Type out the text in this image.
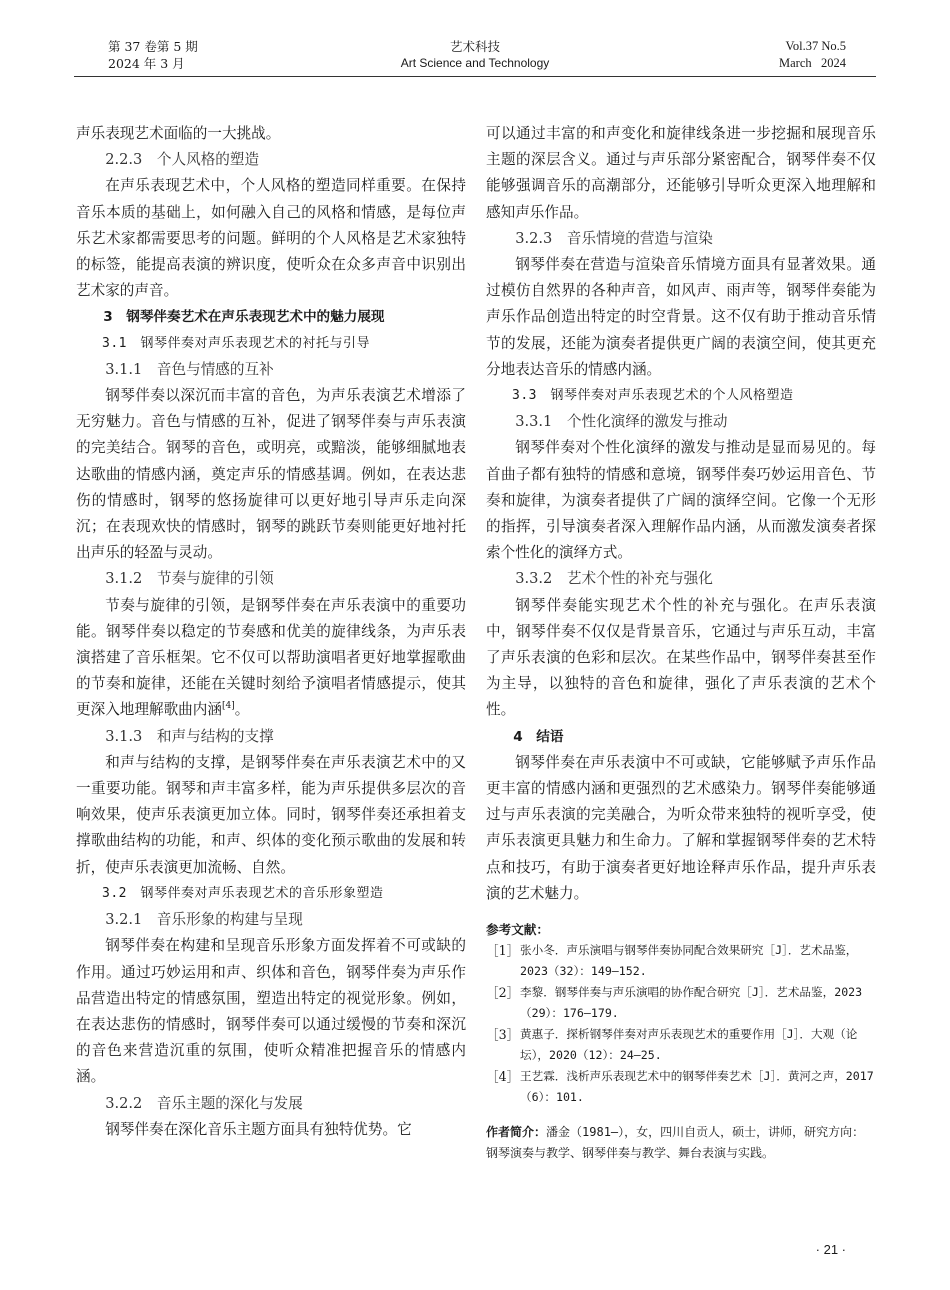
第 37 卷第 5 期
2024 年 3 月
艺术科技
Art Science and Technology
Vol.37 No.5
March   2024

声乐表现艺术面临的一大挑战。

2.2.3　个人风格的塑造

在声乐表现艺术中，个人风格的塑造同样重要。在保持音乐本质的基础上，如何融入自己的风格和情感，是每位声乐艺术家都需要思考的问题。鲜明的个人风格是艺术家独特的标签，能提高表演的辨识度，使听众在众多声音中识别出艺术家的声音。

3　钢琴伴奏艺术在声乐表现艺术中的魅力展现

3.1　钢琴伴奏对声乐表现艺术的衬托与引导

3.1.1　音色与情感的互补

钢琴伴奏以深沉而丰富的音色，为声乐表演艺术增添了无穷魅力。音色与情感的互补，促进了钢琴伴奏与声乐表演的完美结合。钢琴的音色，或明亮，或黯淡，能够细腻地表达歌曲的情感内涵，奠定声乐的情感基调。例如，在表达悲伤的情感时，钢琴的悠扬旋律可以更好地引导声乐走向深沉；在表现欢快的情感时，钢琴的跳跃节奏则能更好地衬托出声乐的轻盈与灵动。

3.1.2　节奏与旋律的引领

节奏与旋律的引领，是钢琴伴奏在声乐表演中的重要功能。钢琴伴奏以稳定的节奏感和优美的旋律线条，为声乐表演搭建了音乐框架。它不仅可以帮助演唱者更好地掌握歌曲的节奏和旋律，还能在关键时刻给予演唱者情感提示，使其更深入地理解歌曲内涵[4]。

3.1.3　和声与结构的支撑

和声与结构的支撑，是钢琴伴奏在声乐表演艺术中的又一重要功能。钢琴和声丰富多样，能为声乐提供多层次的音响效果，使声乐表演更加立体。同时，钢琴伴奏还承担着支撑歌曲结构的功能，和声、织体的变化预示歌曲的发展和转折，使声乐表演更加流畅、自然。

3.2　钢琴伴奏对声乐表现艺术的音乐形象塑造

3.2.1　音乐形象的构建与呈现

钢琴伴奏在构建和呈现音乐形象方面发挥着不可或缺的作用。通过巧妙运用和声、织体和音色，钢琴伴奏为声乐作品营造出特定的情感氛围，塑造出特定的视觉形象。例如，在表达悲伤的情感时，钢琴伴奏可以通过缓慢的节奏和深沉的音色来营造沉重的氛围，使听众精准把握音乐的情感内涵。

3.2.2　音乐主题的深化与发展

钢琴伴奏在深化音乐主题方面具有独特优势。它

可以通过丰富的和声变化和旋律线条进一步挖掘和展现音乐主题的深层含义。通过与声乐部分紧密配合，钢琴伴奏不仅能够强调音乐的高潮部分，还能够引导听众更深入地理解和感知声乐作品。

3.2.3　音乐情境的营造与渲染

钢琴伴奏在营造与渲染音乐情境方面具有显著效果。通过模仿自然界的各种声音，如风声、雨声等，钢琴伴奏能为声乐作品创造出特定的时空背景。这不仅有助于推动音乐情节的发展，还能为演奏者提供更广阔的表演空间，使其更充分地表达音乐的情感内涵。

3.3　钢琴伴奏对声乐表现艺术的个人风格塑造

3.3.1　个性化演绎的激发与推动

钢琴伴奏对个性化演绎的激发与推动是显而易见的。每首曲子都有独特的情感和意境，钢琴伴奏巧妙运用音色、节奏和旋律，为演奏者提供了广阔的演绎空间。它像一个无形的指挥，引导演奏者深入理解作品内涵，从而激发演奏者探索个性化的演绎方式。

3.3.2　艺术个性的补充与强化

钢琴伴奏能实现艺术个性的补充与强化。在声乐表演中，钢琴伴奏不仅仅是背景音乐，它通过与声乐互动，丰富了声乐表演的色彩和层次。在某些作品中，钢琴伴奏甚至作为主导，以独特的音色和旋律，强化了声乐表演的艺术个性。

4　结语

钢琴伴奏在声乐表演中不可或缺，它能够赋予声乐作品更丰富的情感内涵和更强烈的艺术感染力。钢琴伴奏能够通过与声乐表演的完美融合，为听众带来独特的视听享受，使声乐表演更具魅力和生命力。了解和掌握钢琴伴奏的艺术特点和技巧，有助于演奏者更好地诠释声乐作品，提升声乐表演的艺术魅力。

参考文献：
［1］ 张小冬．声乐演唱与钢琴伴奏协同配合效果研究［J］．艺术品鉴，2023（32）：149–152.
［2］ 李黎．钢琴伴奏与声乐演唱的协作配合研究［J］．艺术品鉴，2023（29）：176–179.
［3］ 黄惠子．探析钢琴伴奏对声乐表现艺术的重要作用［J］．大观（论坛），2020（12）：24–25.
［4］ 王艺霖．浅析声乐表现艺术中的钢琴伴奏艺术［J］．黄河之声，2017（6）：101.
作者简介：潘金（1981—），女，四川自贡人，硕士，讲师，研究方向：钢琴演奏与教学、钢琴伴奏与教学、舞台表演与实践。
· 21 ·
